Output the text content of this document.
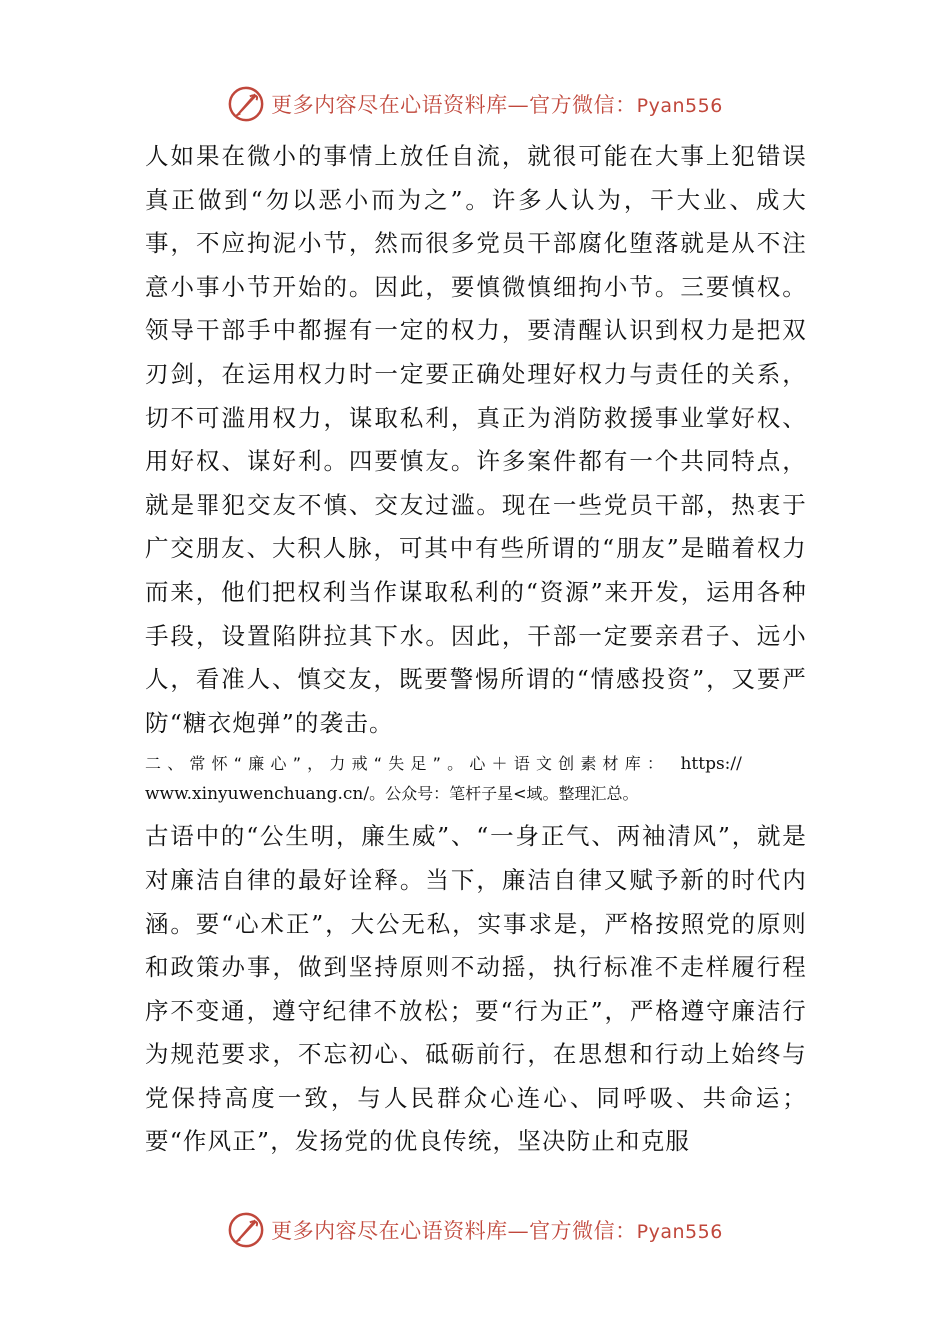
更多内容尽在心语资料库—官方微信：Pyan556

人如果在微小的事情上放任自流，就很可能在大事上犯错误真正做到“勿以恶小而为之”。许多人认为，干大业、成大事，不应拘泥小节，然而很多党员干部腐化堕落就是从不注意小事小节开始的。因此，要慎微慎细拘小节。三要慎权。领导干部手中都握有一定的权力，要清醒认识到权力是把双刃剑，在运用权力时一定要正确处理好权力与责任的关系，切不可滥用权力，谋取私利，真正为消防救援事业掌好权、用好权、谋好利。四要慎友。许多案件都有一个共同特点，就是罪犯交友不慎、交友过滥。现在一些党员干部，热衷于广交朋友、大积人脉，可其中有些所谓的“朋友”是瞄着权力而来，他们把权利当作谋取私利的“资源”来开发，运用各种手段，设置陷阱拉其下水。因此，干部一定要亲君子、远小人，看准人、慎交友，既要警惕所谓的“情感投资”，又要严防“糖衣炮弹”的袭击。

二、常怀“廉心”，力戒“失足”。心＋语文创素材库： https://
www.xinyuwenchuang.cn/。公众号：笔杆子星<域。整理汇总。

古语中的“公生明，廉生威”、“一身正气、两袖清风”，就是对廉洁自律的最好诠释。当下，廉洁自律又赋予新的时代内涵。要“心术正”，大公无私，实事求是，严格按照党的原则和政策办事，做到坚持原则不动摇，执行标准不走样履行程序不变通，遵守纪律不放松；要“行为正”，严格遵守廉洁行为规范要求，不忘初心、砥砺前行，在思想和行动上始终与党保持高度一致，与人民群众心连心、同呼吸、共命运；要“作风正”，发扬党的优良传统，坚决防止和克服

更多内容尽在心语资料库—官方微信：Pyan556
